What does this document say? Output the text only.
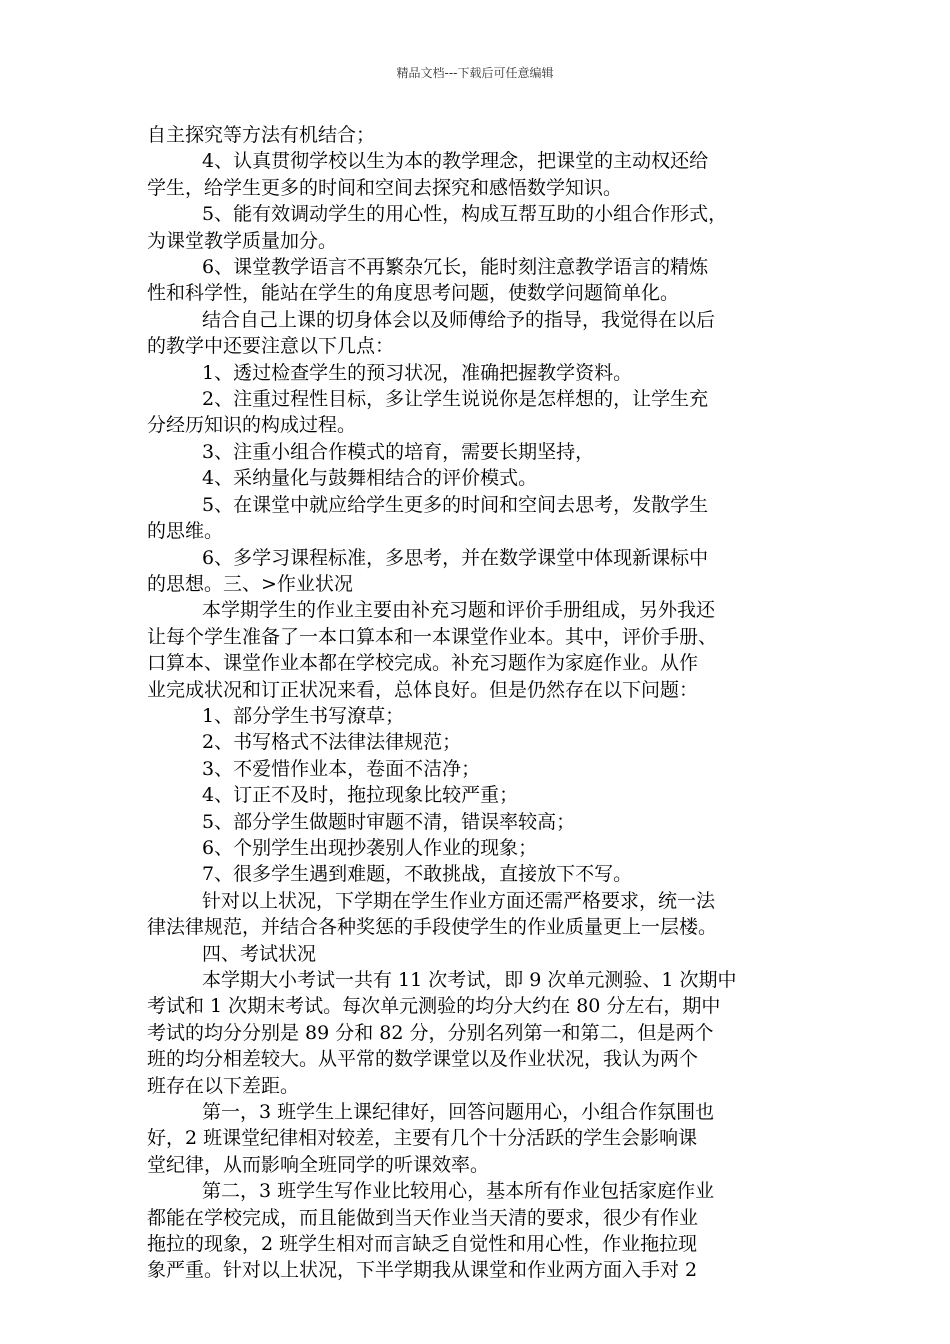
精品文档---下载后可任意编辑

自主探究等方法有机结合；

4、认真贯彻学校以生为本的教学理念，把课堂的主动权还给

学生，给学生更多的时间和空间去探究和感悟数学知识。

5、能有效调动学生的用心性，构成互帮互助的小组合作形式，

为课堂教学质量加分。

6、课堂教学语言不再繁杂冗长，能时刻注意教学语言的精炼

性和科学性，能站在学生的角度思考问题，使数学问题简单化。

结合自己上课的切身体会以及师傅给予的指导，我觉得在以后

的教学中还要注意以下几点：

1、透过检查学生的预习状况，准确把握教学资料。

2、注重过程性目标，多让学生说说你是怎样想的，让学生充

分经历知识的构成过程。

3、注重小组合作模式的培育，需要长期坚持，

4、采纳量化与鼓舞相结合的评价模式。

5、在课堂中就应给学生更多的时间和空间去思考，发散学生

的思维。

6、多学习课程标准，多思考，并在数学课堂中体现新课标中

的思想。三、>作业状况

本学期学生的作业主要由补充习题和评价手册组成，另外我还

让每个学生准备了一本口算本和一本课堂作业本。其中，评价手册、

口算本、课堂作业本都在学校完成。补充习题作为家庭作业。从作

业完成状况和订正状况来看，总体良好。但是仍然存在以下问题：

1、部分学生书写潦草；

2、书写格式不法律法律规范；

3、不爱惜作业本，卷面不洁净；

4、订正不及时，拖拉现象比较严重；

5、部分学生做题时审题不清，错误率较高；

6、个别学生出现抄袭别人作业的现象；

7、很多学生遇到难题，不敢挑战，直接放下不写。

针对以上状况，下学期在学生作业方面还需严格要求，统一法

律法律规范，并结合各种奖惩的手段使学生的作业质量更上一层楼。

四、考试状况

本学期大小考试一共有 11 次考试，即 9 次单元测验、1 次期中

考试和 1 次期末考试。每次单元测验的均分大约在 80 分左右，期中

考试的均分分别是 89 分和 82 分，分别名列第一和第二，但是两个

班的均分相差较大。从平常的数学课堂以及作业状况，我认为两个

班存在以下差距。

第一，3 班学生上课纪律好，回答问题用心，小组合作氛围也

好，2 班课堂纪律相对较差，主要有几个十分活跃的学生会影响课

堂纪律，从而影响全班同学的听课效率。

第二，3 班学生写作业比较用心，基本所有作业包括家庭作业

都能在学校完成，而且能做到当天作业当天清的要求，很少有作业

拖拉的现象，2 班学生相对而言缺乏自觉性和用心性，作业拖拉现

象严重。针对以上状况，下半学期我从课堂和作业两方面入手对 2
